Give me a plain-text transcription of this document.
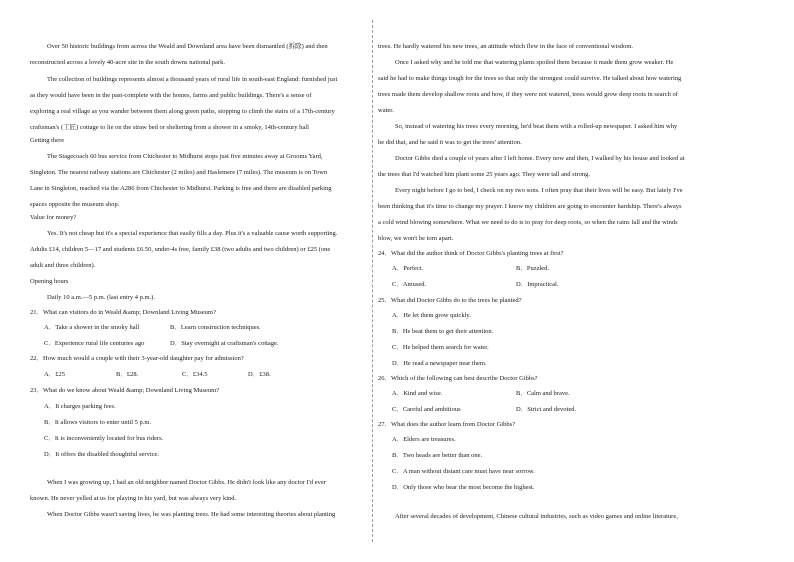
Over 50 historic buildings from across the Weald and Downland area have been dismantled (拆除) and then
reconstructed across a lovely 40-acre site in the south downs national park.
The collection of buildings represents almost a thousand years of rural life in south-east England: furnished just
as they would have been in the past-complete with the homes, farms and public buildings. There's a sense of
exploring a real village as you wander between them along green paths, stopping to climb the stairs of a 17th-century
craftsman's (工匠) cottage to lie on the straw bed or sheltering from a shower in a smoky, 14th-century hall
Getting there
The Stagecoach 60 bus service from Chichester to Midhurst stops just five minutes away at Grooms Yard,
Singleton. The nearest railway stations are Chichester (2 miles) and Haslemere (7 miles). The museum is on Town
Lane in Singleton, reached via the A286 from Chichester to Midhurst. Parking is free and there are disabled parking
spaces opposite the museum shop.
Value for money?
Yes. It's not cheap but it's a special experience that easily fills a day. Plus it's a valuable cause worth supporting.
Adults £14, children 5—17 and students £6.50, under-4s free, family £38 (two adults and two children) or £25 (one
adult and three children).
Opening hours
Daily 10 a.m.—5 p.m. (last entry 4 p.m.).
21．What can visitors do in Weald &amp; Downland Living Museum?
A．Take a shower in the smoky hall	B．Learn construction techniques.
C．Experience rural life centuries ago	D．Stay overnight at craftsman's cottage.
22．How much would a couple with their 3-year-old daughter pay for admission?
A．£25	B．£28.	C．£34.5	D．£38.
23．What do we know about Weald &amp; Downland Living Museum?
A．It charges parking fees.
B．It allows visitors to enter until 5 p.m.
C．It is inconveniently located for bus riders.
D．It offers the disabled thoughtful service.
When I was growing up, I had an old neighbor named Doctor Gibbs. He didn't look like any doctor I'd ever
known. He never yelled at us for playing in his yard, but was always very kind.
When Doctor Gibbs wasn't saving lives, he was planting trees. He had some interesting theories about planting
trees. He hardly watered his new trees, an attitude which flew in the face of conventional wisdom.
Once I asked why and he told me that watering plants spoiled them because it made them grow weaker. He
said he had to make things tough for the trees so that only the strongest could survive. He talked about how watering
trees made them develop shallow roots and how, if they were not watered, trees would grow deep roots in search of
water.
So, instead of watering his trees every morning, he'd beat them with a rolled-up newspaper. I asked him why
he did that, and he said it was to get the trees' attention.
Doctor Gibbs died a couple of years after I left home. Every now and then, I walked by his house and looked at
the trees that I'd watched him plant some 25 years ago. They were tall and strong.
Every night before I go to bed, I check on my two sons. I often pray that their lives will be easy. But lately I've
been thinking that it's time to change my prayer. I know my children are going to encounter hardship. There's always
a cold wind blowing somewhere. What we need to do is to pray for deep roots, so when the rains fall and the winds
blow, we won't be torn apart.
24．What did the author think of Doctor Gibbs's planting trees at first?
A．Perfect.	B．Puzzled.
C．Amused.	D．Impractical.
25．What did Doctor Gibbs do to the trees he planted?
A．He let them grow quickly.
B．He beat them to get their attention.
C．He helped them search for water.
D．He read a newspaper near them.
26．Which of the following can best describe Doctor Gibbs?
A．Kind and wise.	B．Calm and brave.
C．Careful and ambitious	D．Strict and devoted.
27．What does the author learn from Doctor Gibbs?
A．Elders are treasures.
B．Two heads are better than one.
C．A man without distant care must have near sorrow.
D．Only those who bear the most become the highest.
After several decades of development, Chinese cultural industries, such as video games and online literature,
